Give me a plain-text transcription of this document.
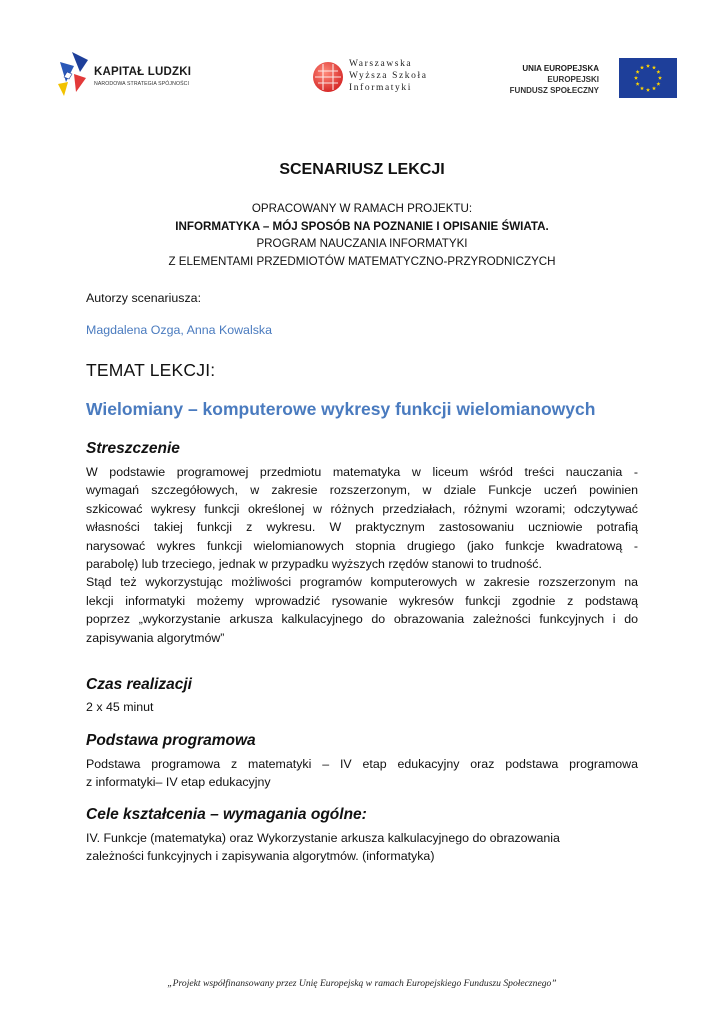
KAPITAŁ LUDZKI
NARODOWA STRATEGIA SPÓJNOŚCI
Warszawska
Wyższa Szkoła
Informatyki
UNIA EUROPEJSKA
EUROPEJSKI
FUNDUSZ SPOŁECZNY
SCENARIUSZ LEKCJI
OPRACOWANY W RAMACH PROJEKTU:
INFORMATYKA – MÓJ SPOSÓB NA POZNANIE I OPISANIE ŚWIATA.
PROGRAM NAUCZANIA INFORMATYKI
Z ELEMENTAMI PRZEDMIOTÓW MATEMATYCZNO-PRZYRODNICZYCH
Autorzy scenariusza:
Magdalena Ozga, Anna Kowalska
TEMAT LEKCJI:
Wielomiany – komputerowe wykresy funkcji wielomianowych
Streszczenie
W podstawie programowej przedmiotu matematyka w liceum wśród treści nauczania -
wymagań szczegółowych, w zakresie rozszerzonym, w dziale Funkcje uczeń powinien
szkicować wykresy funkcji określonej w różnych przedziałach, różnymi wzorami; odczytywać
własności takiej funkcji z wykresu. W praktycznym zastosowaniu uczniowie potrafią
narysować wykres funkcji wielomianowych stopnia drugiego (jako funkcje kwadratową -
parabolę) lub trzeciego, jednak w przypadku wyższych rzędów stanowi to trudność.
Stąd też wykorzystując możliwości programów komputerowych w zakresie rozszerzonym na
lekcji informatyki możemy wprowadzić rysowanie wykresów funkcji zgodnie z podstawą
poprzez „wykorzystanie arkusza kalkulacyjnego do obrazowania zależności funkcyjnych i do
zapisywania algorytmów”
Czas realizacji
2 x 45 minut
Podstawa programowa
Podstawa programowa z matematyki – IV etap edukacyjny oraz podstawa programowa
z informatyki– IV etap edukacyjny
Cele kształcenia – wymagania ogólne:
IV. Funkcje (matematyka) oraz Wykorzystanie arkusza kalkulacyjnego do obrazowania
zależności funkcyjnych i zapisywania algorytmów. (informatyka)
„Projekt współfinansowany przez Unię Europejską w ramach Europejskiego Funduszu Społecznego”
